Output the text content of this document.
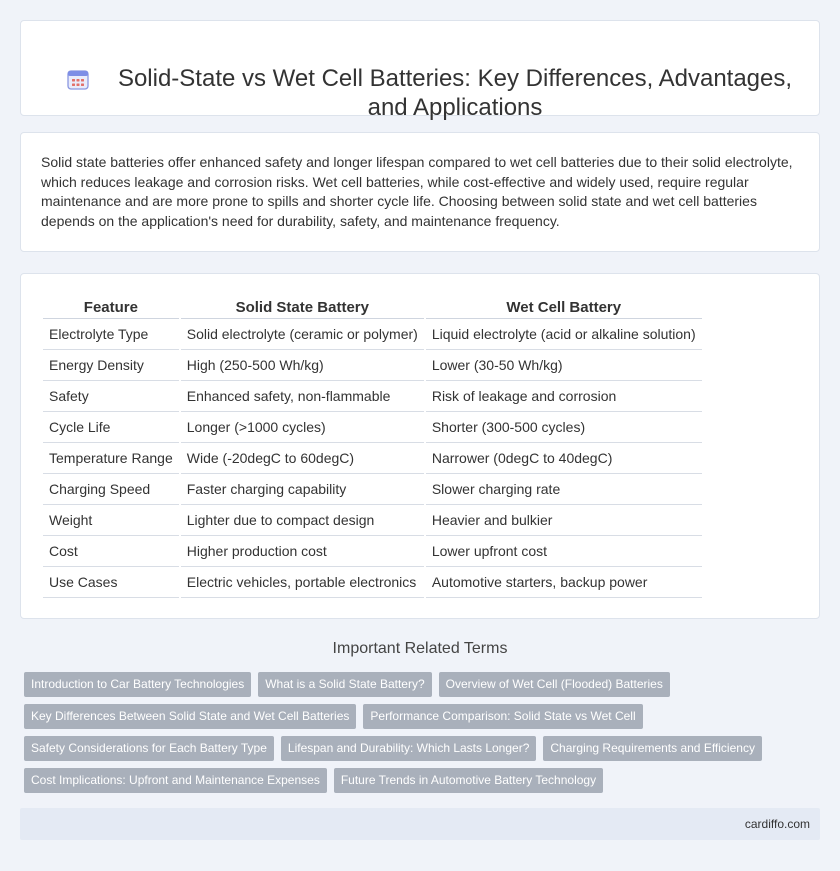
Solid-State vs Wet Cell Batteries: Key Differences, Advantages, and Applications

Solid state batteries offer enhanced safety and longer lifespan compared to wet cell batteries due to their solid electrolyte, which reduces leakage and corrosion risks. Wet cell batteries, while cost-effective and widely used, require regular maintenance and are more prone to spills and shorter cycle life. Choosing between solid state and wet cell batteries depends on the application's need for durability, safety, and maintenance frequency.

Feature	Solid State Battery	Wet Cell Battery
Electrolyte Type	Solid electrolyte (ceramic or polymer)	Liquid electrolyte (acid or alkaline solution)
Energy Density	High (250-500 Wh/kg)	Lower (30-50 Wh/kg)
Safety	Enhanced safety, non-flammable	Risk of leakage and corrosion
Cycle Life	Longer (>1000 cycles)	Shorter (300-500 cycles)
Temperature Range	Wide (-20degC to 60degC)	Narrower (0degC to 40degC)
Charging Speed	Faster charging capability	Slower charging rate
Weight	Lighter due to compact design	Heavier and bulkier
Cost	Higher production cost	Lower upfront cost
Use Cases	Electric vehicles, portable electronics	Automotive starters, backup power
Important Related Terms
Introduction to Car Battery Technologies	What is a Solid State Battery?	Overview of Wet Cell (Flooded) Batteries
Key Differences Between Solid State and Wet Cell Batteries	Performance Comparison: Solid State vs Wet Cell
Safety Considerations for Each Battery Type	Lifespan and Durability: Which Lasts Longer?	Charging Requirements and Efficiency
Cost Implications: Upfront and Maintenance Expenses	Future Trends in Automotive Battery Technology
cardiffo.com
